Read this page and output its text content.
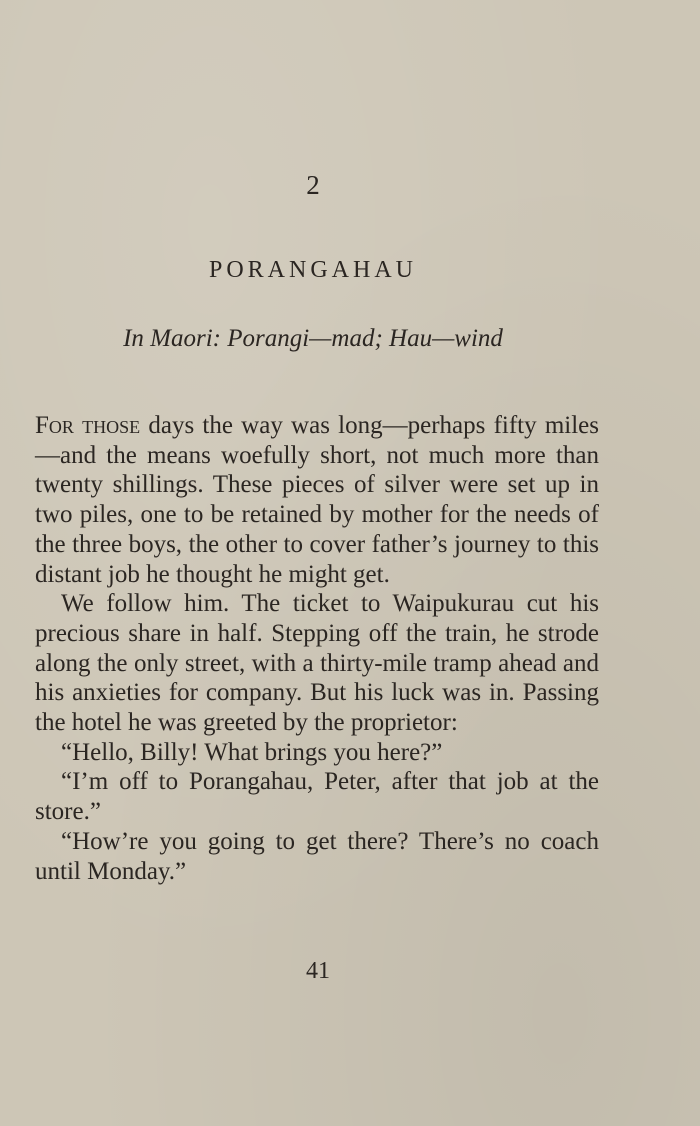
2
PORANGAHAU
In Maori: Porangi—mad; Hau—wind

For those days the way was long—perhaps fifty miles—and the means woefully short, not much more than twenty shillings. These pieces of silver were set up in two piles, one to be retained by mother for the needs of the three boys, the other to cover father’s journey to this distant job he thought he might get.

We follow him. The ticket to Waipukurau cut his precious share in half. Stepping off the train, he strode along the only street, with a thirty-mile tramp ahead and his anxieties for company. But his luck was in. Passing the hotel he was greeted by the proprietor:

“Hello, Billy! What brings you here?”

“I’m off to Porangahau, Peter, after that job at the store.”

“How’re you going to get there? There’s no coach until Monday.”

41
